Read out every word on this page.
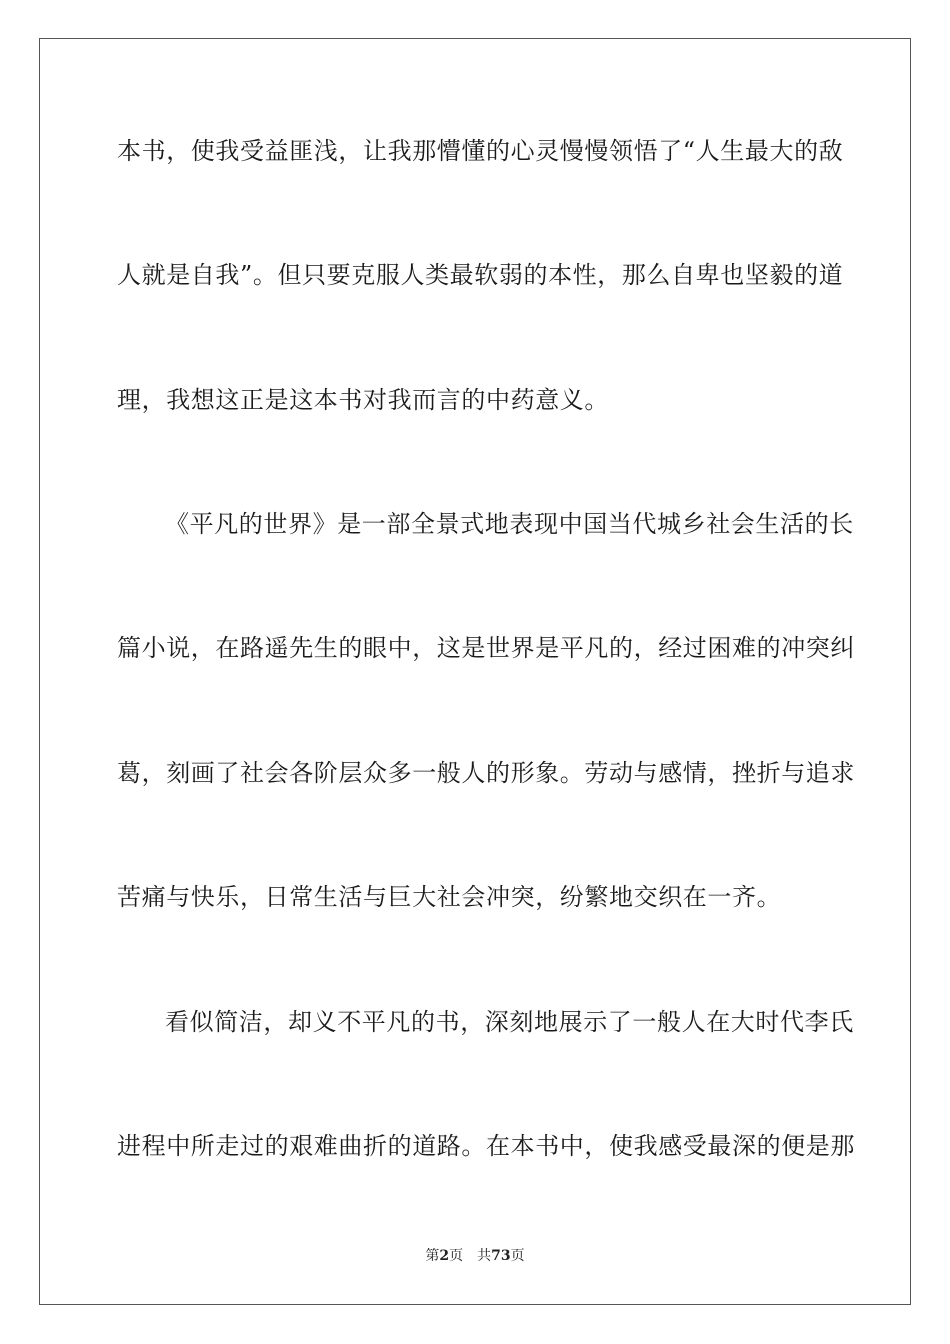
本书，使我受益匪浅，让我那懵懂的心灵慢慢领悟了“人生最大的敌
人就是自我”。但只要克服人类最软弱的本性，那么自卑也坚毅的道
理，我想这正是这本书对我而言的中药意义。
《平凡的世界》是一部全景式地表现中国当代城乡社会生活的长
篇小说，在路遥先生的眼中，这是世界是平凡的，经过困难的冲突纠
葛，刻画了社会各阶层众多一般人的形象。劳动与感情，挫折与追求
苦痛与快乐，日常生活与巨大社会冲突，纷繁地交织在一齐。
看似简洁，却义不平凡的书，深刻地展示了一般人在大时代李氏
进程中所走过的艰难曲折的道路。在本书中，使我感受最深的便是那
第2页 共73页
